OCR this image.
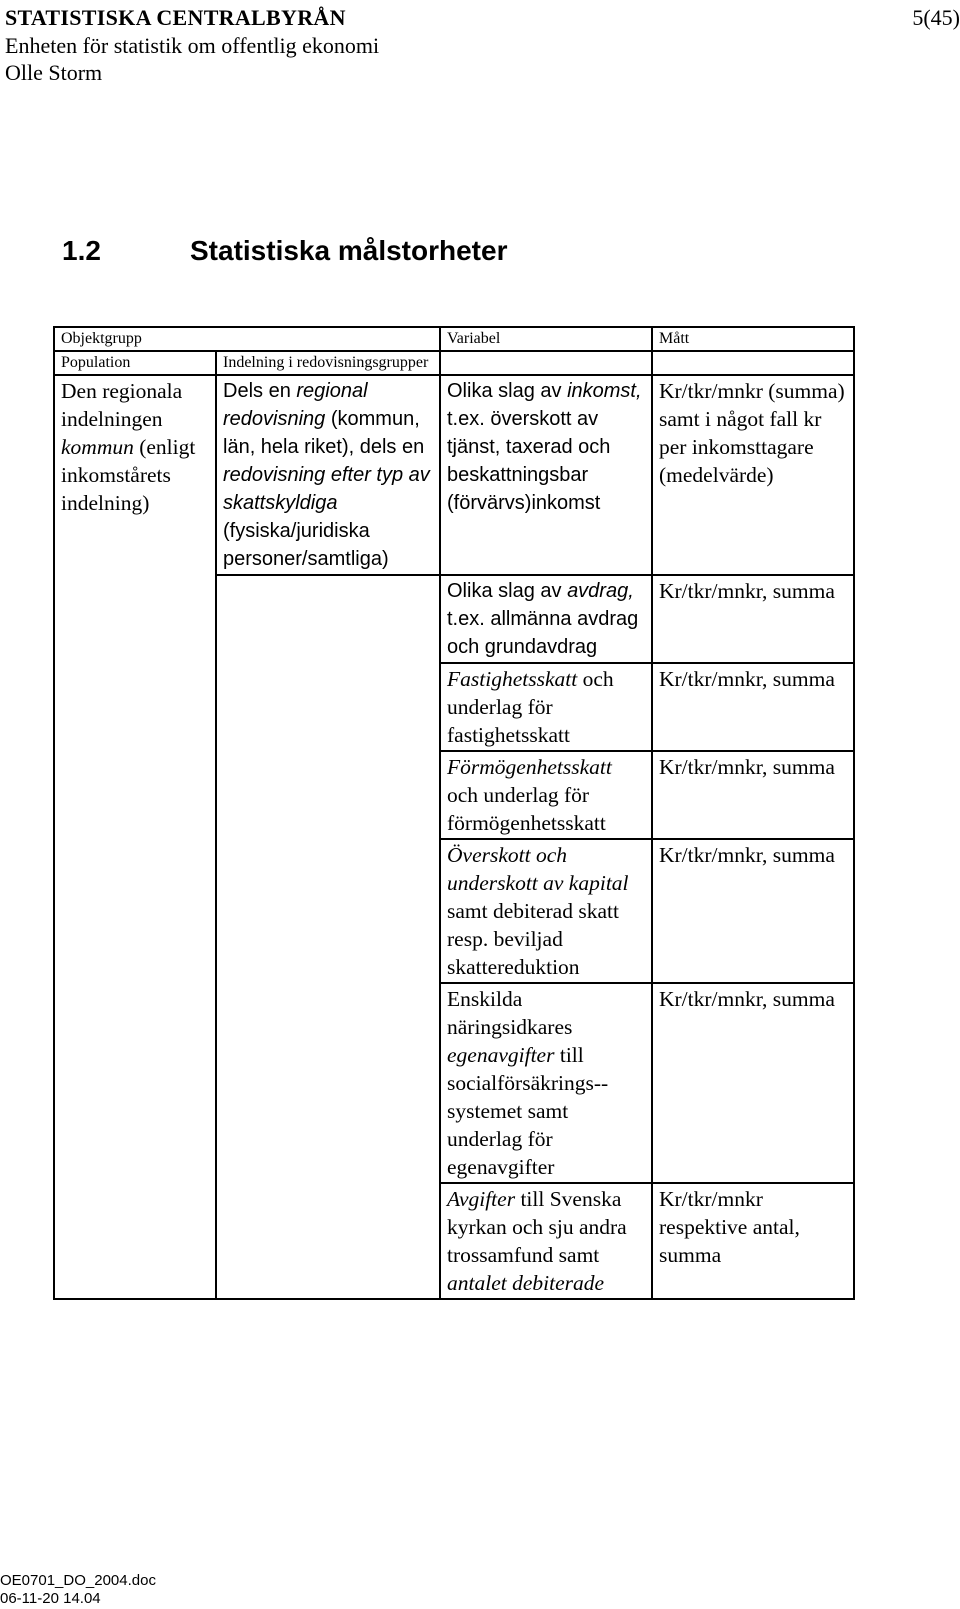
STATISTISKA CENTRALBYRÅN
Enheten för statistik om offentlig ekonomi
Olle Storm
5(45)
1.2	Statistiska målstorheter
Objektgrupp		Variabel	Mått
Population	Indelning i redovisningsgrupper		

Den regionala indelningen kommun (enligt inkomstårets indelning)	Dels en regional redovisning (kommun, län, hela riket), dels en redovisning efter typ av skattskyldiga (fysiska/juridiska personer/samtliga)	Olika slag av inkomst, t.ex. överskott av tjänst, taxerad och beskattningsbar (förvärvs)inkomst	Kr/tkr/mnkr (summa) samt i något fall kr per inkomsttagare (medelvärde)

		Olika slag av avdrag, t.ex. allmänna avdrag och grundavdrag	Kr/tkr/mnkr, summa

		Fastighetsskatt och underlag för fastighetsskatt	Kr/tkr/mnkr, summa

		Förmögenhetsskatt och underlag för förmögenhetsskatt	Kr/tkr/mnkr, summa

		Överskott och underskott av kapital samt debiterad skatt resp. beviljad skattereduktion	Kr/tkr/mnkr, summa

		Enskilda näringsidkares egenavgifter till socialförsäkrings-systemet samt underlag för egenavgifter	Kr/tkr/mnkr, summa

		Avgifter till Svenska kyrkan och sju andra trossamfund samt antalet debiterade	Kr/tkr/mnkr respektive antal, summa
OE0701_DO_2004.doc
06-11-20 14.04
